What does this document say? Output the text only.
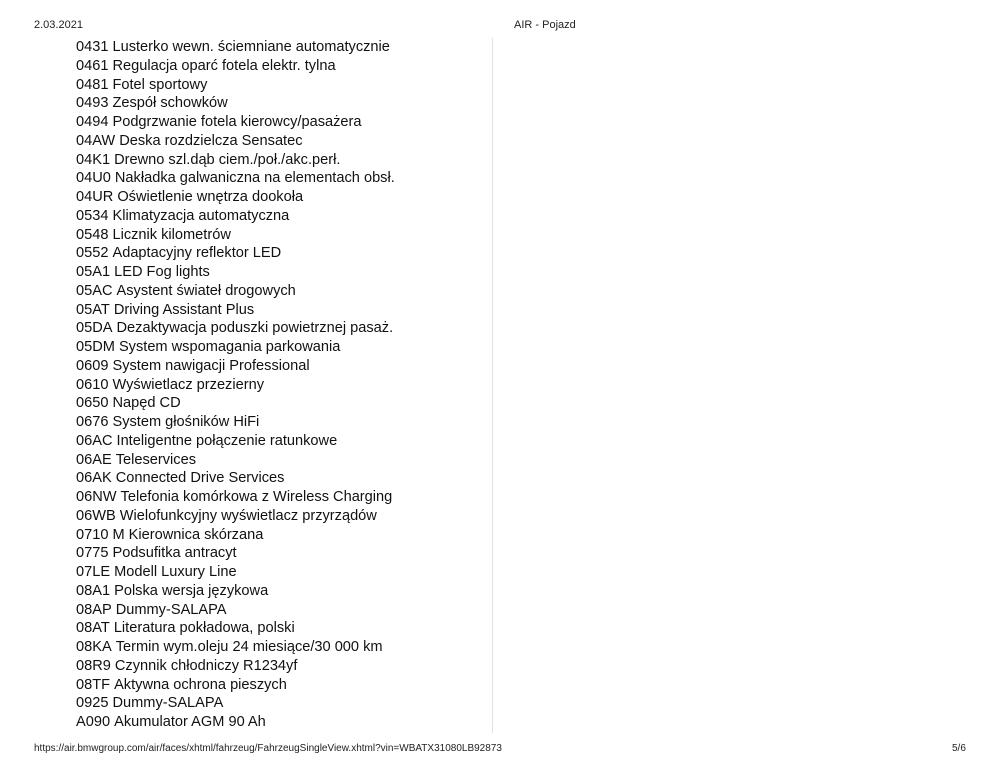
2.03.2021	AIR - Pojazd
0431 Lusterko wewn. ściemniane automatycznie
0461 Regulacja oparć fotela elektr. tylna
0481 Fotel sportowy
0493 Zespół schowków
0494 Podgrzwanie fotela kierowcy/pasażera
04AW Deska rozdzielcza Sensatec
04K1 Drewno szl.dąb ciem./poł./akc.perł.
04U0 Nakładka galwaniczna na elementach obsł.
04UR Oświetlenie wnętrza dookoła
0534 Klimatyzacja automatyczna
0548 Licznik kilometrów
0552 Adaptacyjny reflektor LED
05A1 LED Fog lights
05AC Asystent świateł drogowych
05AT Driving Assistant Plus
05DA Dezaktywacja poduszki powietrznej pasaż.
05DM System wspomagania parkowania
0609 System nawigacji Professional
0610 Wyświetlacz przezierny
0650 Napęd CD
0676 System głośników HiFi
06AC Inteligentne połączenie ratunkowe
06AE Teleservices
06AK Connected Drive Services
06NW Telefonia komórkowa z Wireless Charging
06WB Wielofunkcyjny wyświetlacz przyrządów
0710 M Kierownica skórzana
0775 Podsufitka antracyt
07LE Modell Luxury Line
08A1 Polska wersja językowa
08AP Dummy-SALAPA
08AT Literatura pokładowa, polski
08KA Termin wym.oleju 24 miesiące/30 000 km
08R9 Czynnik chłodniczy R1234yf
08TF Aktywna ochrona pieszych
0925 Dummy-SALAPA
A090 Akumulator AGM 90 Ah
https://air.bmwgroup.com/air/faces/xhtml/fahrzeug/FahrzeugSingleView.xhtml?vin=WBATX31080LB92873	5/6
